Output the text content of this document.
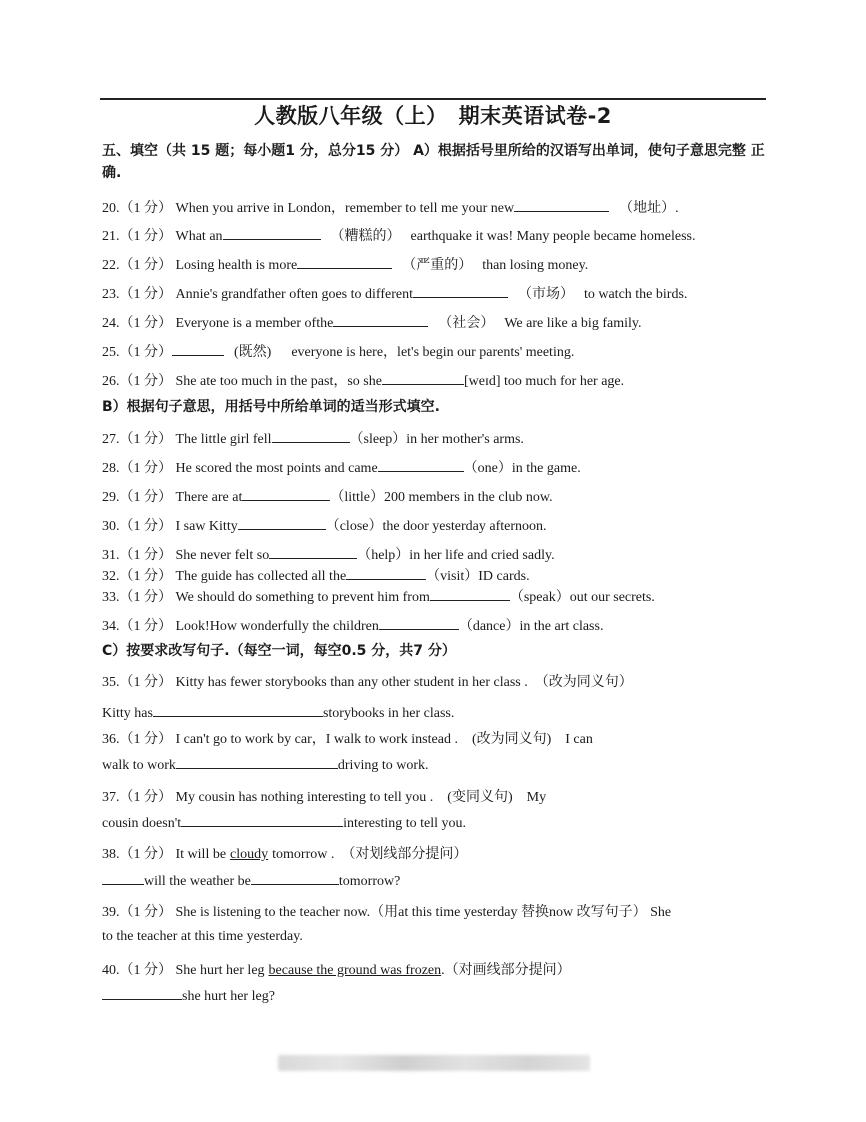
人教版八年级（上）　期末英语试卷-2
五、填空（共 15 题；每小题1 分，总分15 分） A）根据括号里所给的汉语写出单词，使句子意思完整 正
确.
20.（1 分） When you arrive in London，remember to tell me your new	（地址）.
21.（1 分） What an	（糟糕的） earthquake it was! Many people became homeless.
22.（1 分） Losing health is more	（严重的） than losing money.
23.（1 分） Annie's grandfather often goes to different	（市场） to watch the birds.
24.（1 分） Everyone is a member ofthe	（社会） We are like a big family.
25.（1 分）	(既然) everyone is here，let's begin our parents' meeting.
26.（1 分） She ate too much in the past，so she	[weɪd] too much for her age.
B）根据句子意思，用括号中所给单词的适当形式填空.
27.（1 分） The little girl fell	（sleep）in her mother's arms.
28.（1 分） He scored the most points and came	（one）in the game.
29.（1 分） There are at	（little）200 members in the club now.
30.（1 分） I saw Kitty	（close）the door yesterday afternoon.
31.（1 分） She never felt so	（help）in her life and cried sadly.
32.（1 分） The guide has collected all the	（visit）ID cards.
33.（1 分） We should do something to prevent him from	（speak）out our secrets.
34.（1 分） Look!How wonderfully the children	（dance）in the art class.
C）按要求改写句子.（每空一词，每空0.5 分，共7 分）
35.（1 分） Kitty has fewer storybooks than any other student in her class .　（改为同义句）
Kitty has	storybooks in her class.
36.（1 分） I can't go to work by car，I walk to work instead .　(改为同义句)　I can
walk to work	driving to work.
37.（1 分） My cousin has nothing interesting to tell you .　(变同义句)　My
cousin doesn't	interesting to tell you.
38.（1 分） It will be cloudy tomorrow .　（对划线部分提问）
will the weather be	tomorrow?
39.（1 分） She is listening to the teacher now.（用at this time yesterday 替换now 改写句子） She
to the teacher at this time yesterday.
40.（1 分） She hurt her leg because the ground was frozen.（对画线部分提问）
she hurt her leg?
